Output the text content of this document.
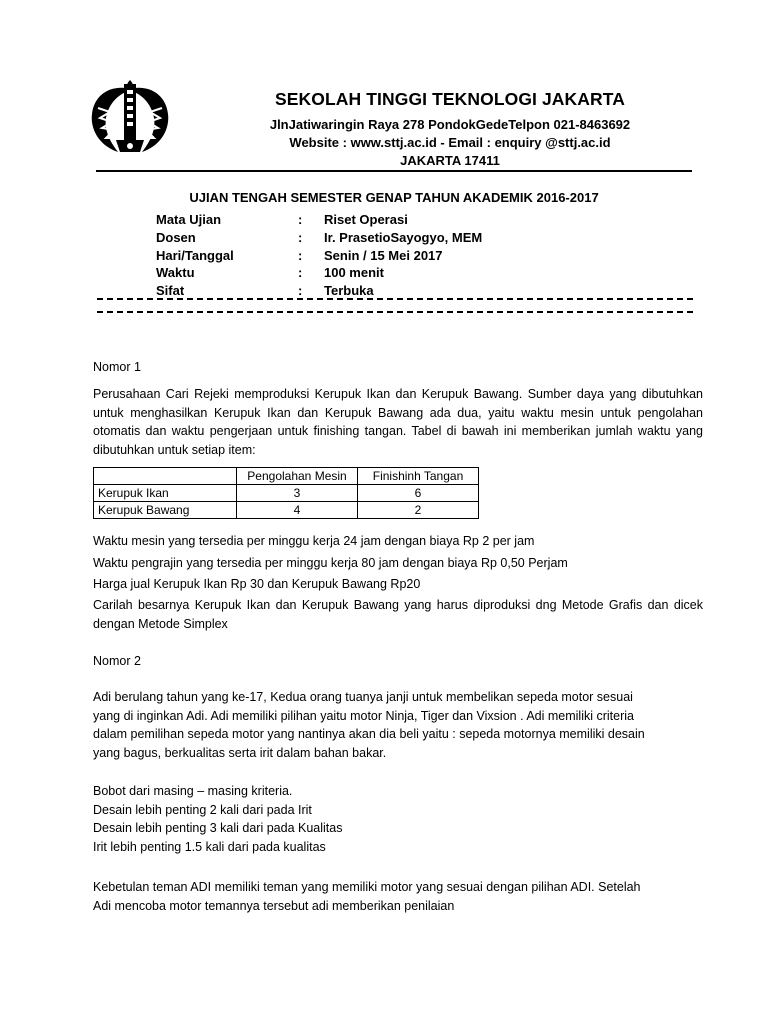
SEKOLAH TINGGI TEKNOLOGI JAKARTA
JlnJatiwaringin Raya 278 PondokGedeTelpon 021-8463692
Website : www.sttj.ac.id - Email : enquiry @sttj.ac.id
JAKARTA 17411
UJIAN TENGAH SEMESTER GENAP TAHUN AKADEMIK 2016-2017
Mata Ujian	:	Riset Operasi
Dosen	:	Ir. PrasetioSayogyo, MEM
Hari/Tanggal	:	Senin / 15 Mei 2017
Waktu	:	100 menit
Sifat	:	Terbuka
Nomor 1
Perusahaan Cari Rejeki memproduksi Kerupuk Ikan dan Kerupuk Bawang. Sumber daya yang dibutuhkan untuk menghasilkan Kerupuk Ikan dan Kerupuk Bawang ada dua, yaitu waktu mesin untuk pengolahan otomatis dan waktu pengerjaan untuk finishing tangan. Tabel di bawah ini memberikan jumlah waktu yang dibutuhkan untuk setiap item:
	Pengolahan Mesin	Finishinh Tangan
Kerupuk Ikan	3	6
Kerupuk Bawang	4	2
Waktu mesin yang tersedia per minggu kerja 24 jam dengan biaya Rp 2 per jam
Waktu pengrajin yang tersedia per minggu kerja 80 jam dengan biaya Rp 0,50 Perjam
Harga jual Kerupuk Ikan Rp 30 dan Kerupuk Bawang Rp20
Carilah besarnya Kerupuk Ikan dan Kerupuk Bawang yang harus diproduksi dng Metode Grafis dan dicek dengan Metode Simplex
Nomor 2
Adi berulang tahun yang ke-17, Kedua orang tuanya janji untuk membelikan sepeda motor sesuai
yang di inginkan Adi. Adi memiliki pilihan yaitu motor Ninja, Tiger dan Vixsion . Adi memiliki criteria
dalam pemilihan sepeda motor yang nantinya akan dia beli yaitu : sepeda motornya memiliki desain
yang bagus, berkualitas serta irit dalam bahan bakar.
Bobot dari masing – masing kriteria.
Desain lebih penting 2 kali dari pada Irit
Desain lebih penting 3 kali dari pada Kualitas
Irit lebih penting 1.5 kali dari pada kualitas
Kebetulan teman ADI memiliki teman yang memiliki motor yang sesuai dengan pilihan ADI. Setelah
Adi mencoba motor temannya tersebut adi memberikan penilaian
